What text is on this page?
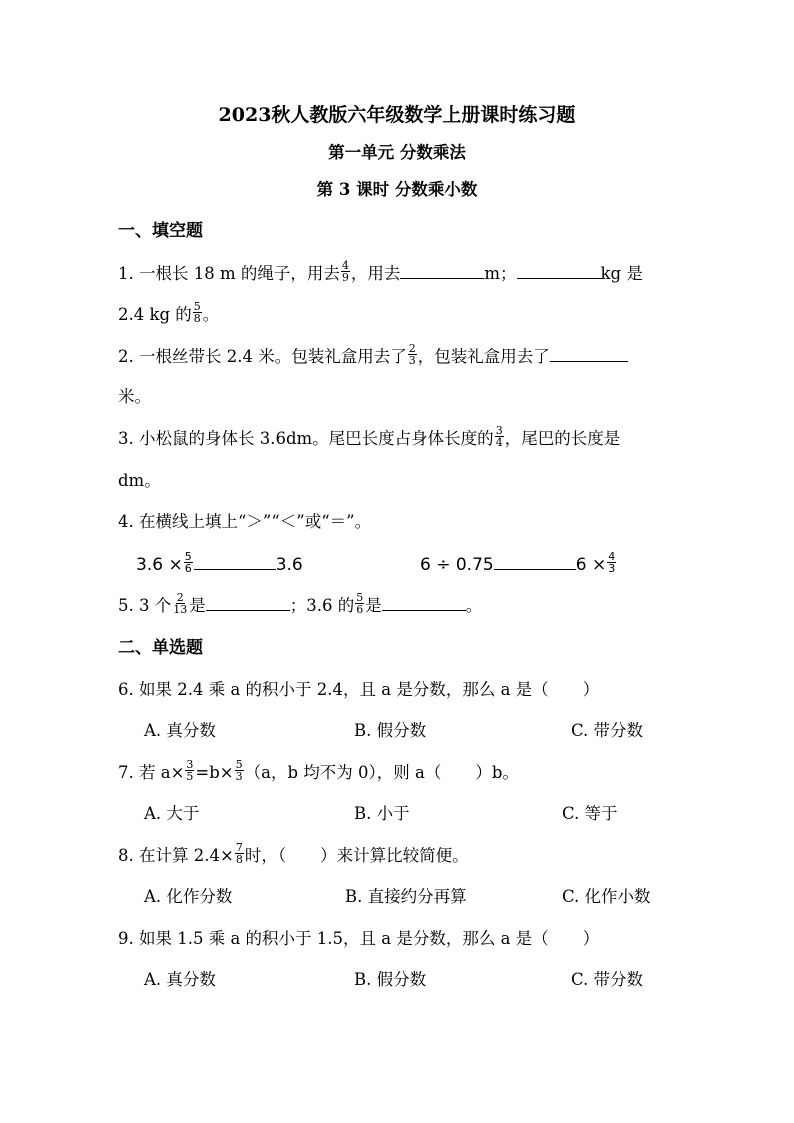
2023秋人教版六年级数学上册课时练习题
第一单元 分数乘法
第 3 课时 分数乘小数
一、填空题
1. 一根长 18 m 的绳子，用去 $\frac{4}{9}$ ，用去	m；	kg 是
2.4 kg 的 $\frac{5}{8}$ 。
2. 一根丝带长 2.4 米。包装礼盒用去了 $\frac{2}{3}$ ，包装礼盒用去了
米。
3. 小松鼠的身体长 3.6dm。尾巴长度占身体长度的 $\frac{3}{4}$ ，尾巴的长度是
dm。
4. 在横线上填上“＞”“＜”或“＝”。
$3.6 \times \frac{5}{6}$	3.6	6 ÷ 0.75	$6 \times \frac{4}{3}$
5. 3 个 $\frac{2}{13}$ 是	；3.6 的 $\frac{5}{6}$ 是	。
二、单选题
6. 如果 2.4 乘 a 的积小于 2.4，且 a 是分数，那么 a 是（ ）
A. 真分数	B. 假分数	C. 带分数
7. 若 $a\times \frac{3}{5} =b\times \frac{5}{3} (a$，b 均不为 0），则 a（ ）b。
A. 大于	B. 小于	C. 等于
8. 在计算 $2.4\times \frac{7}{8}$ 时，（ ）来计算比较简便。
A. 化作分数	B. 直接约分再算	C. 化作小数
9. 如果 1.5 乘 a 的积小于 1.5，且 a 是分数，那么 a 是（ ）
A. 真分数	B. 假分数	C. 带分数
